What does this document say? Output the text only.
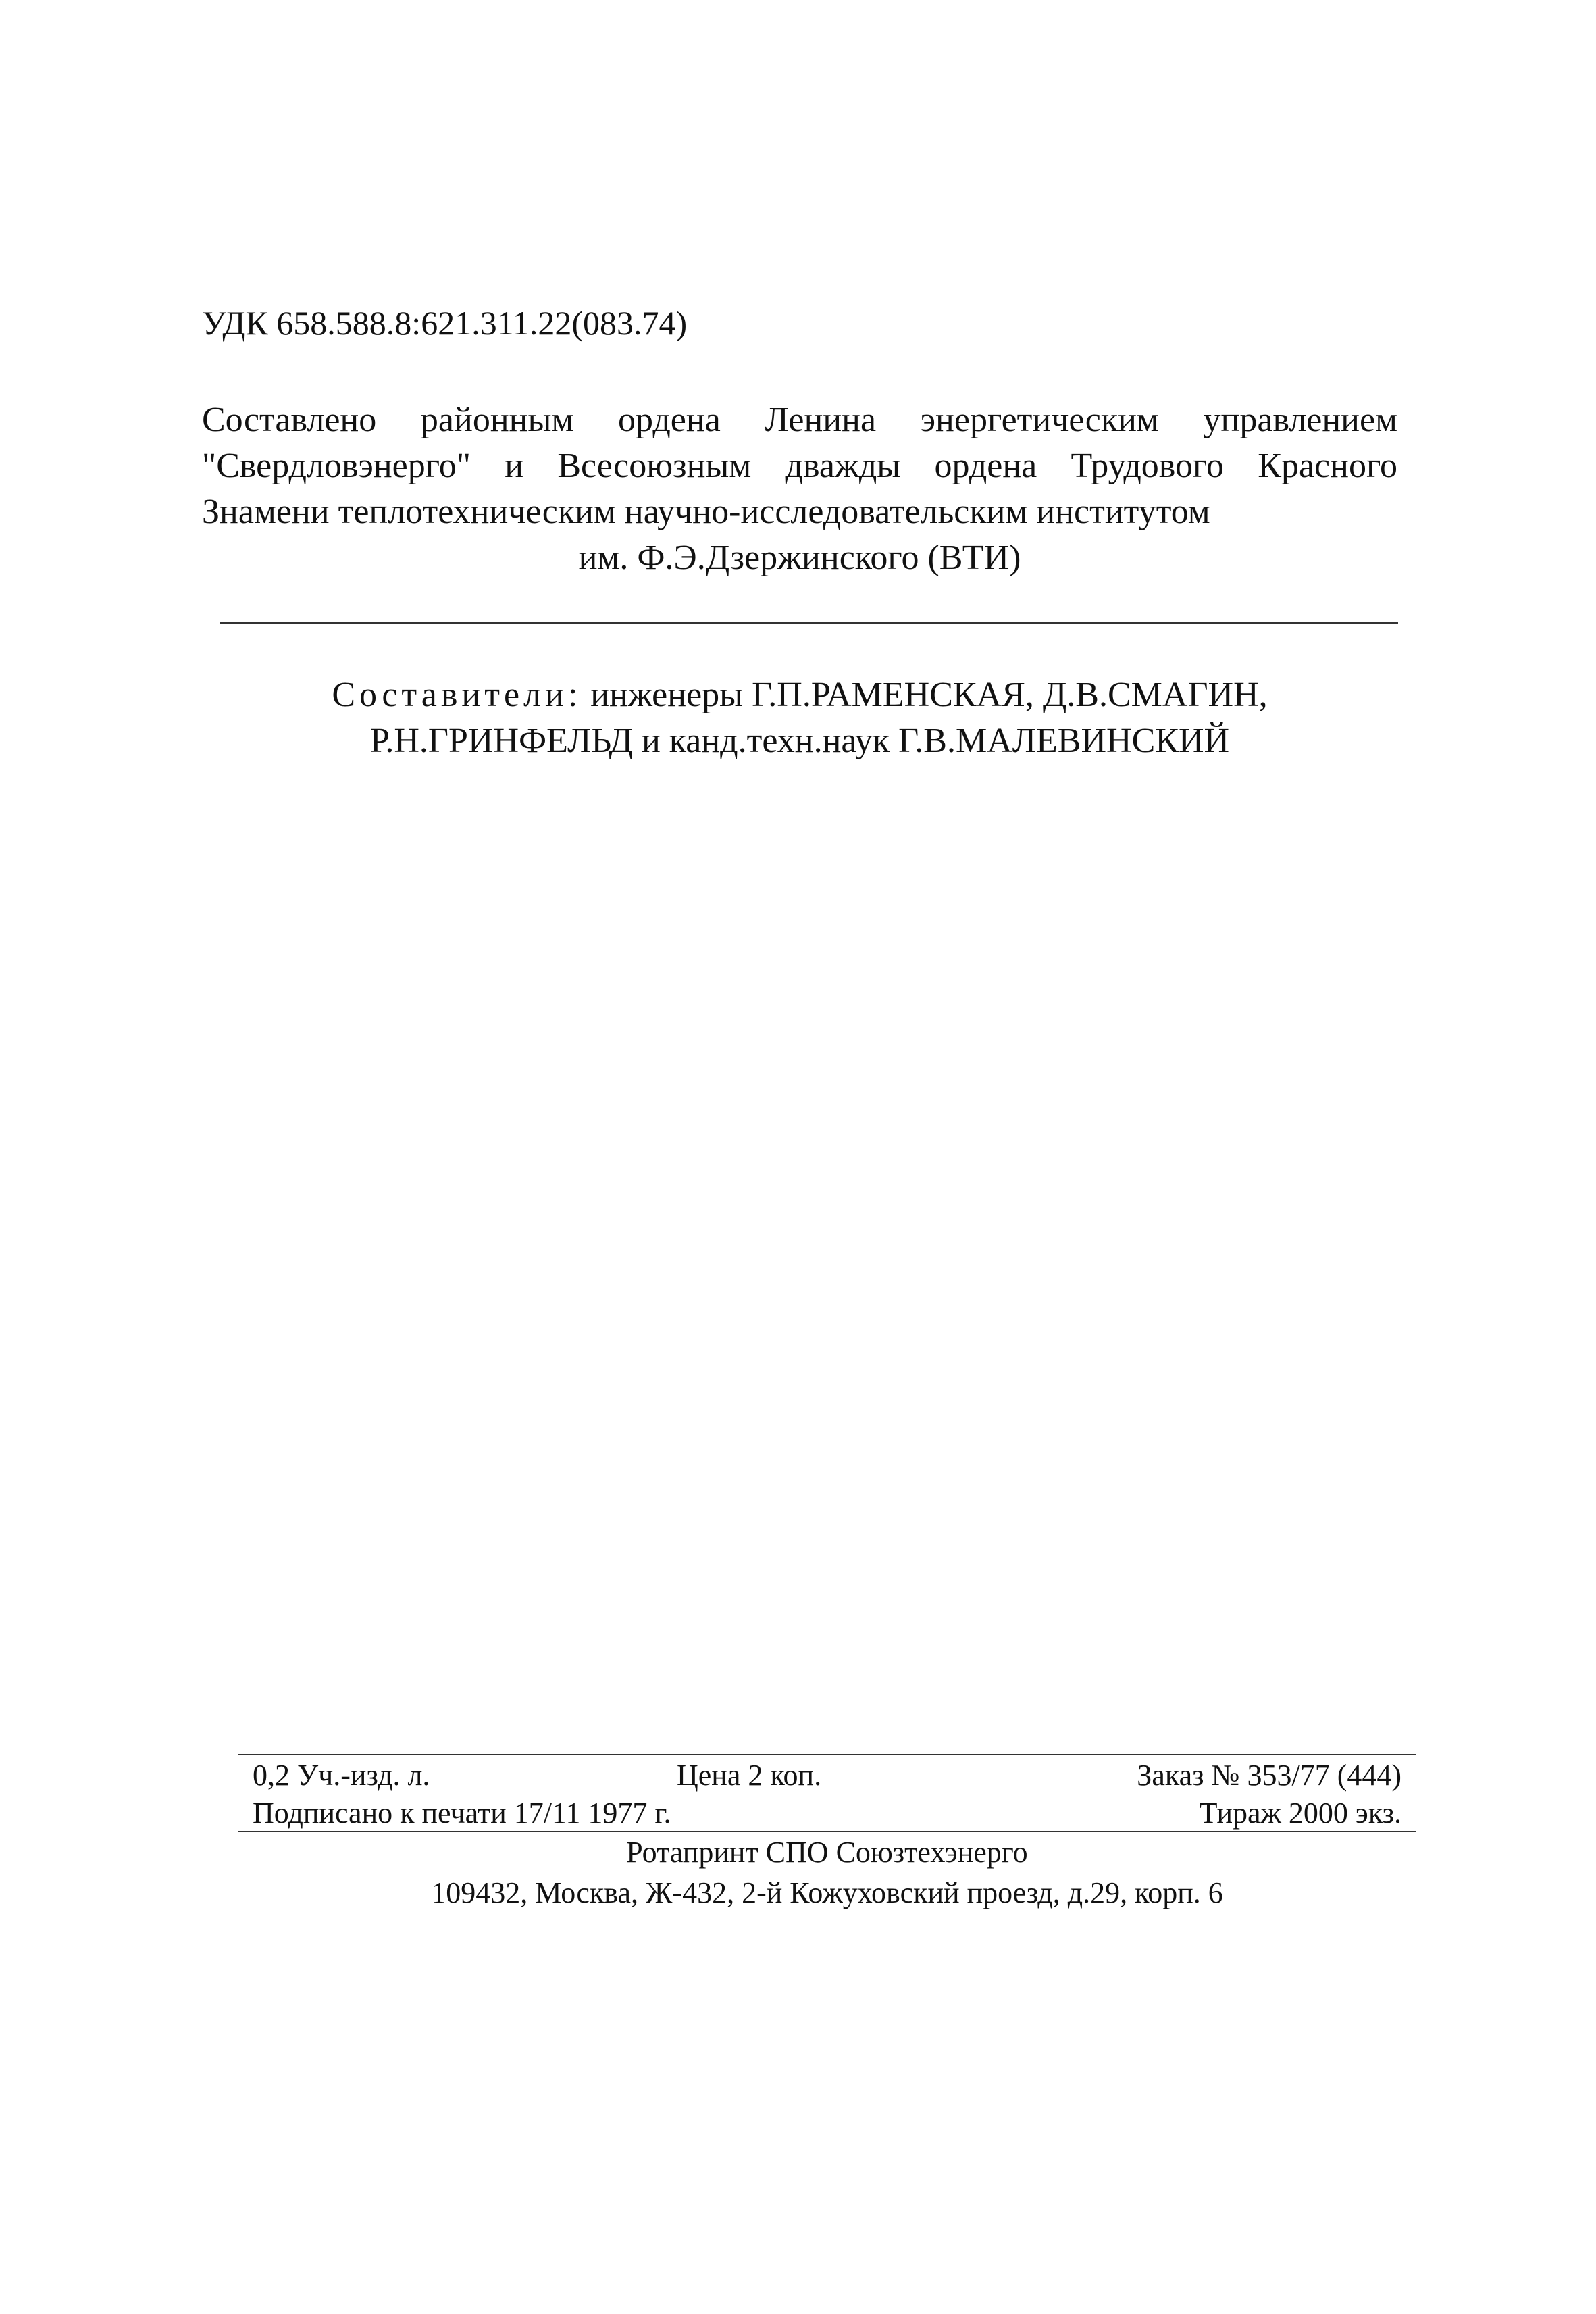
УДК 658.588.8:621.311.22(083.74)
Составлено районным ордена Ленина энергетическим управлением
"Свердловэнерго" и Всесоюзным дважды ордена Трудового Красного
Знамени теплотехническим научно-исследовательским институтом
им. Ф.Э.Дзержинского (ВТИ)
Составители: инженеры Г.П.РАМЕНСКАЯ, Д.В.СМАГИН,
Р.Н.ГРИНФЕЛЬД и канд.техн.наук Г.В.МАЛЕВИНСКИЙ
0,2 Уч.-изд. л.	Цена 2 коп.	Заказ № 353/77 (444)
Подписано к печати 17/11 1977 г.	Тираж 2000 экз.
Ротапринт СПО Союзтехэнерго
109432, Москва, Ж-432, 2-й Кожуховский проезд, д.29, корп. 6
